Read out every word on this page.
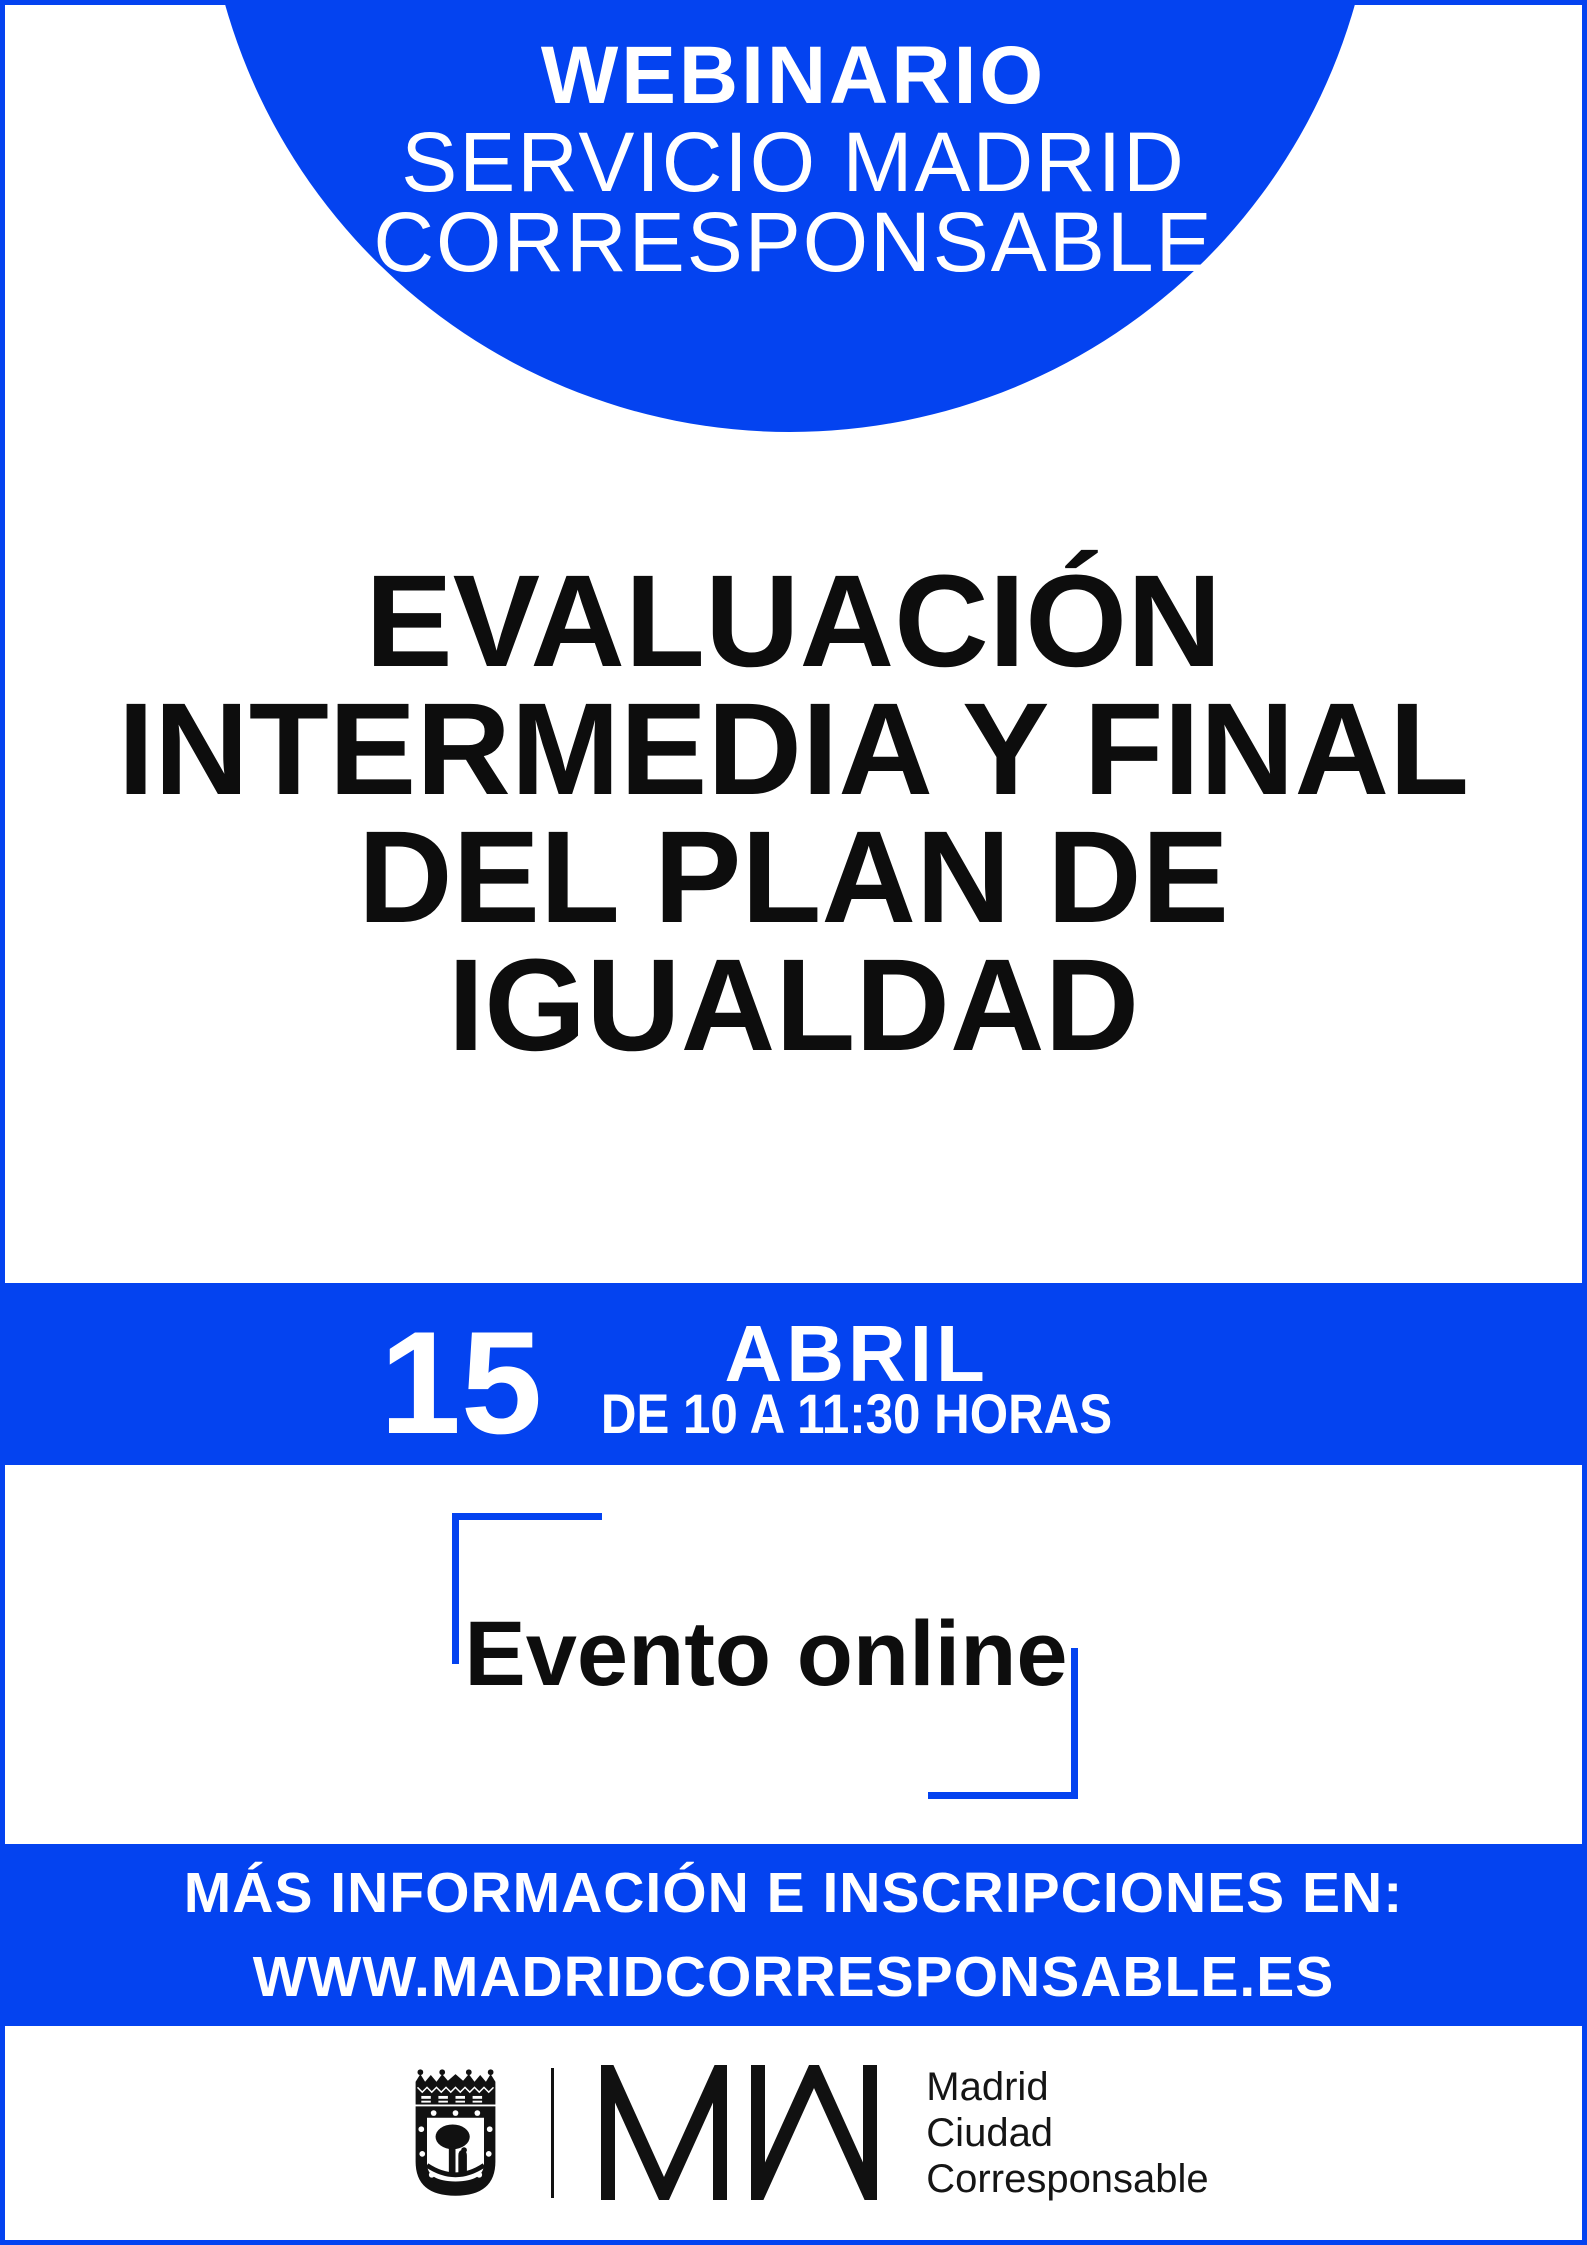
WEBINARIO
SERVICIO MADRID
CORRESPONSABLE
EVALUACIÓN
INTERMEDIA Y FINAL
DEL PLAN DE
IGUALDAD
15 ABRIL
DE 10 A 11:30 HORAS
Evento online
MÁS INFORMACIÓN E INSCRIPCIONES EN:
WWW.MADRIDCORRESPONSABLE.ES
Madrid
Ciudad
Corresponsable
